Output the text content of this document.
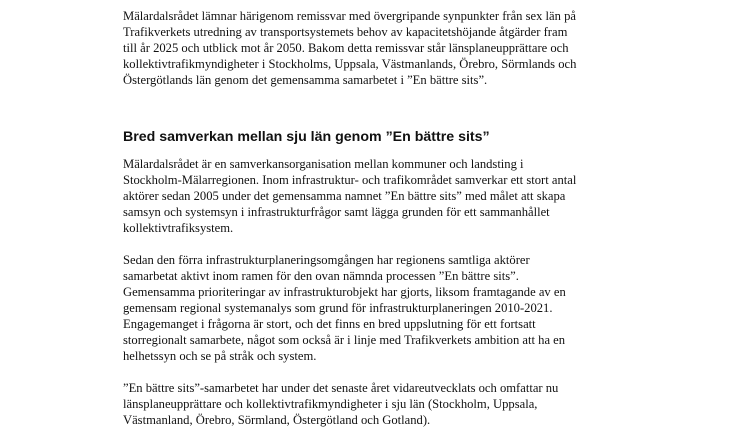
Mälardalsrådet lämnar härigenom remissvar med övergripande synpunkter från sex län på
Trafikverkets utredning av transportsystemets behov av kapacitetshöjande åtgärder fram
till år 2025 och utblick mot år 2050. Bakom detta remissvar står länsplaneupprättare och
kollektivtrafikmyndigheter i Stockholms, Uppsala, Västmanlands, Örebro, Sörmlands och
Östergötlands län genom det gemensamma samarbetet i ”En bättre sits”.

Bred samverkan mellan sju län genom ”En bättre sits”

Mälardalsrådet är en samverkansorganisation mellan kommuner och landsting i
Stockholm-Mälarregionen. Inom infrastruktur- och trafikområdet samverkar ett stort antal
aktörer sedan 2005 under det gemensamma namnet ”En bättre sits” med målet att skapa
samsyn och systemsyn i infrastrukturfrågor samt lägga grunden för ett sammanhållet
kollektivtrafiksystem.

Sedan den förra infrastrukturplaneringsomgången har regionens samtliga aktörer
samarbetat aktivt inom ramen för den ovan nämnda processen ”En bättre sits”.
Gemensamma prioriteringar av infrastrukturobjekt har gjorts, liksom framtagande av en
gemensam regional systemanalys som grund för infrastrukturplaneringen 2010-2021.
Engagemanget i frågorna är stort, och det finns en bred uppslutning för ett fortsatt
storregionalt samarbete, något som också är i linje med Trafikverkets ambition att ha en
helhetssyn och se på stråk och system.

”En bättre sits”-samarbetet har under det senaste året vidareutvecklats och omfattar nu
länsplaneupprättare och kollektivtrafikmyndigheter i sju län (Stockholm, Uppsala,
Västmanland, Örebro, Sörmland, Östergötland och Gotland).
